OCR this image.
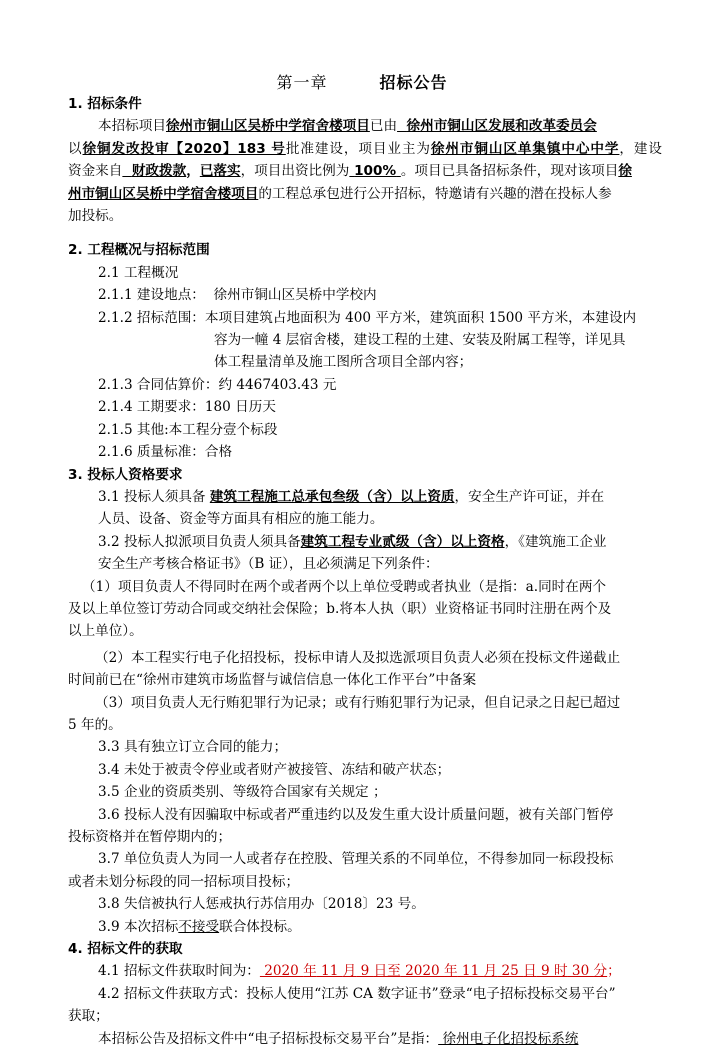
第一章	招标公告
1. 招标条件
本招标项目徐州市铜山区吴桥中学宿舍楼项目已由 徐州市铜山区发展和改革委员会
以徐铜发改投审【2020】183 号批准建设，项目业主为徐州市铜山区单集镇中心中学，建设
资金来自 财政拨款，已落实，项目出资比例为 100% 。项目已具备招标条件，现对该项目徐
州市铜山区吴桥中学宿舍楼项目的工程总承包进行公开招标，特邀请有兴趣的潜在投标人参
加投标。
2. 工程概况与招标范围
2.1 工程概况
2.1.1 建设地点：  徐州市铜山区吴桥中学校内
2.1.2 招标范围：本项目建筑占地面积为 400 平方米，建筑面积 1500 平方米，本建设内
容为一幢 4 层宿舍楼，建设工程的土建、安装及附属工程等，详见具
体工程量清单及施工图所含项目全部内容；
2.1.3 合同估算价：约 4467403.43 元
2.1.4 工期要求：180 日历天
2.1.5 其他:本工程分壹个标段
2.1.6 质量标准：合格
3. 投标人资格要求
3.1 投标人须具备 建筑工程施工总承包叁级（含）以上资质，安全生产许可证，并在
人员、设备、资金等方面具有相应的施工能力。
3.2 投标人拟派项目负责人须具备建筑工程专业贰级（含）以上资格，《建筑施工企业
安全生产考核合格证书》（B 证），且必须满足下列条件：
（1）项目负责人不得同时在两个或者两个以上单位受聘或者执业（是指：a.同时在两个
及以上单位签订劳动合同或交纳社会保险；b.将本人执（职）业资格证书同时注册在两个及
以上单位）。
（2）本工程实行电子化招投标，投标申请人及拟选派项目负责人必须在投标文件递截止
时间前已在“徐州市建筑市场监督与诚信信息一体化工作平台”中备案
（3）项目负责人无行贿犯罪行为记录；或有行贿犯罪行为记录，但自记录之日起已超过
5 年的。
3.3 具有独立订立合同的能力；
3.4 未处于被责令停业或者财产被接管、冻结和破产状态；
3.5 企业的资质类别、等级符合国家有关规定 ；
3.6 投标人没有因骗取中标或者严重违约以及发生重大设计质量问题，被有关部门暂停
投标资格并在暂停期内的；
3.7 单位负责人为同一人或者存在控股、管理关系的不同单位，不得参加同一标段投标
或者未划分标段的同一招标项目投标；
3.8 失信被执行人惩戒执行苏信用办〔2018〕23 号。
3.9 本次招标不接受联合体投标。
4. 招标文件的获取
4.1 招标文件获取时间为： 2020 年 11 月 9 日至 2020 年 11 月 25 日 9 时 30 分；
4.2 招标文件获取方式：投标人使用“江苏 CA 数字证书”登录“电子招标投标交易平台”
获取；
本招标公告及招标文件中“电子招标投标交易平台”是指： 徐州电子化招投标系统
